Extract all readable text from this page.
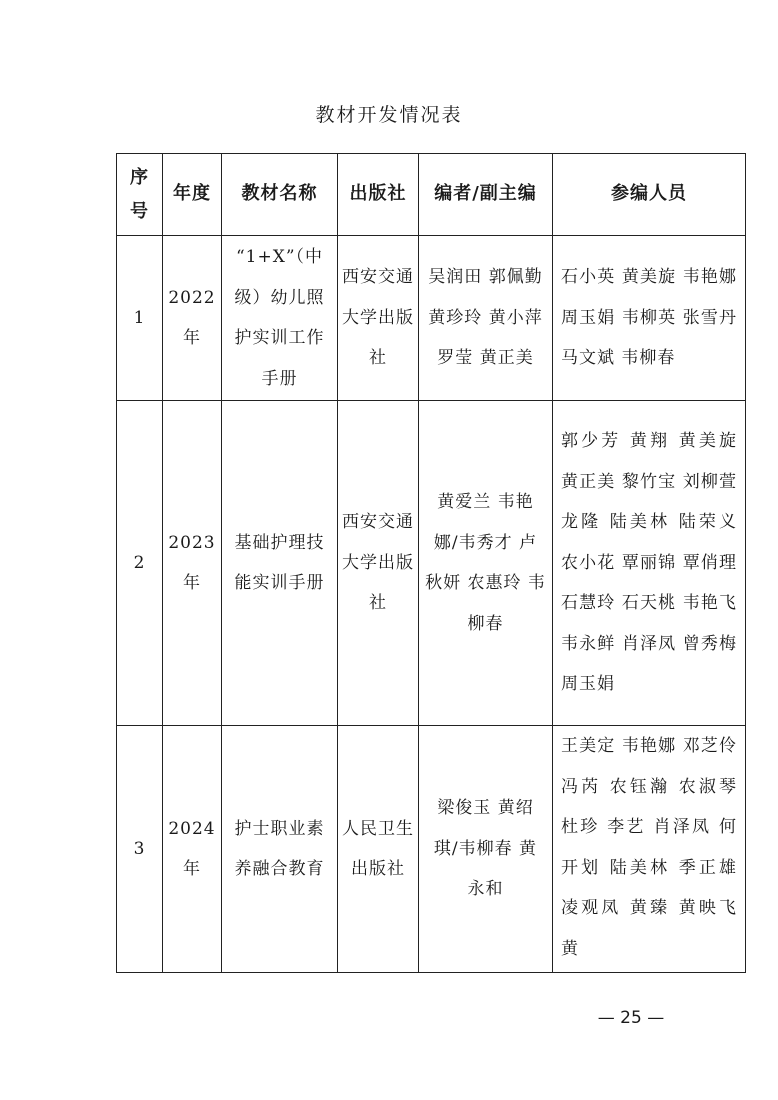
教材开发情况表
序号	年度	教材名称	出版社	编者/副主编	参编人员

1	2022年	“1+X”（中级）幼儿照护实训工作手册	西安交通大学出版社	吴润田 郭佩勤 黄珍玲 黄小萍 罗莹 黄正美	石小英 黄美旋 韦艳娜 周玉娟 韦柳英 张雪丹 马文斌 韦柳春

2	2023年	基础护理技能实训手册	西安交通大学出版社	黄爱兰 韦艳娜/韦秀才 卢秋妍 农惠玲 韦柳春	郭少芳 黄翔 黄美旋 黄正美 黎竹宝 刘柳萱 龙隆 陆美林 陆荣义 农小花 覃丽锦 覃俏理 石慧玲 石天桃 韦艳飞 韦永鲜 肖泽凤 曾秀梅 周玉娟

3	2024年	护士职业素养融合教育	人民卫生出版社	梁俊玉 黄绍琪/韦柳春 黄永和	王美定 韦艳娜 邓芝伶 冯芮 农钰瀚 农淑琴 杜珍 李艺 肖泽凤 何开划 陆美林 季正雄 凌观凤 黄臻 黄映飞 黄
— 25 —
